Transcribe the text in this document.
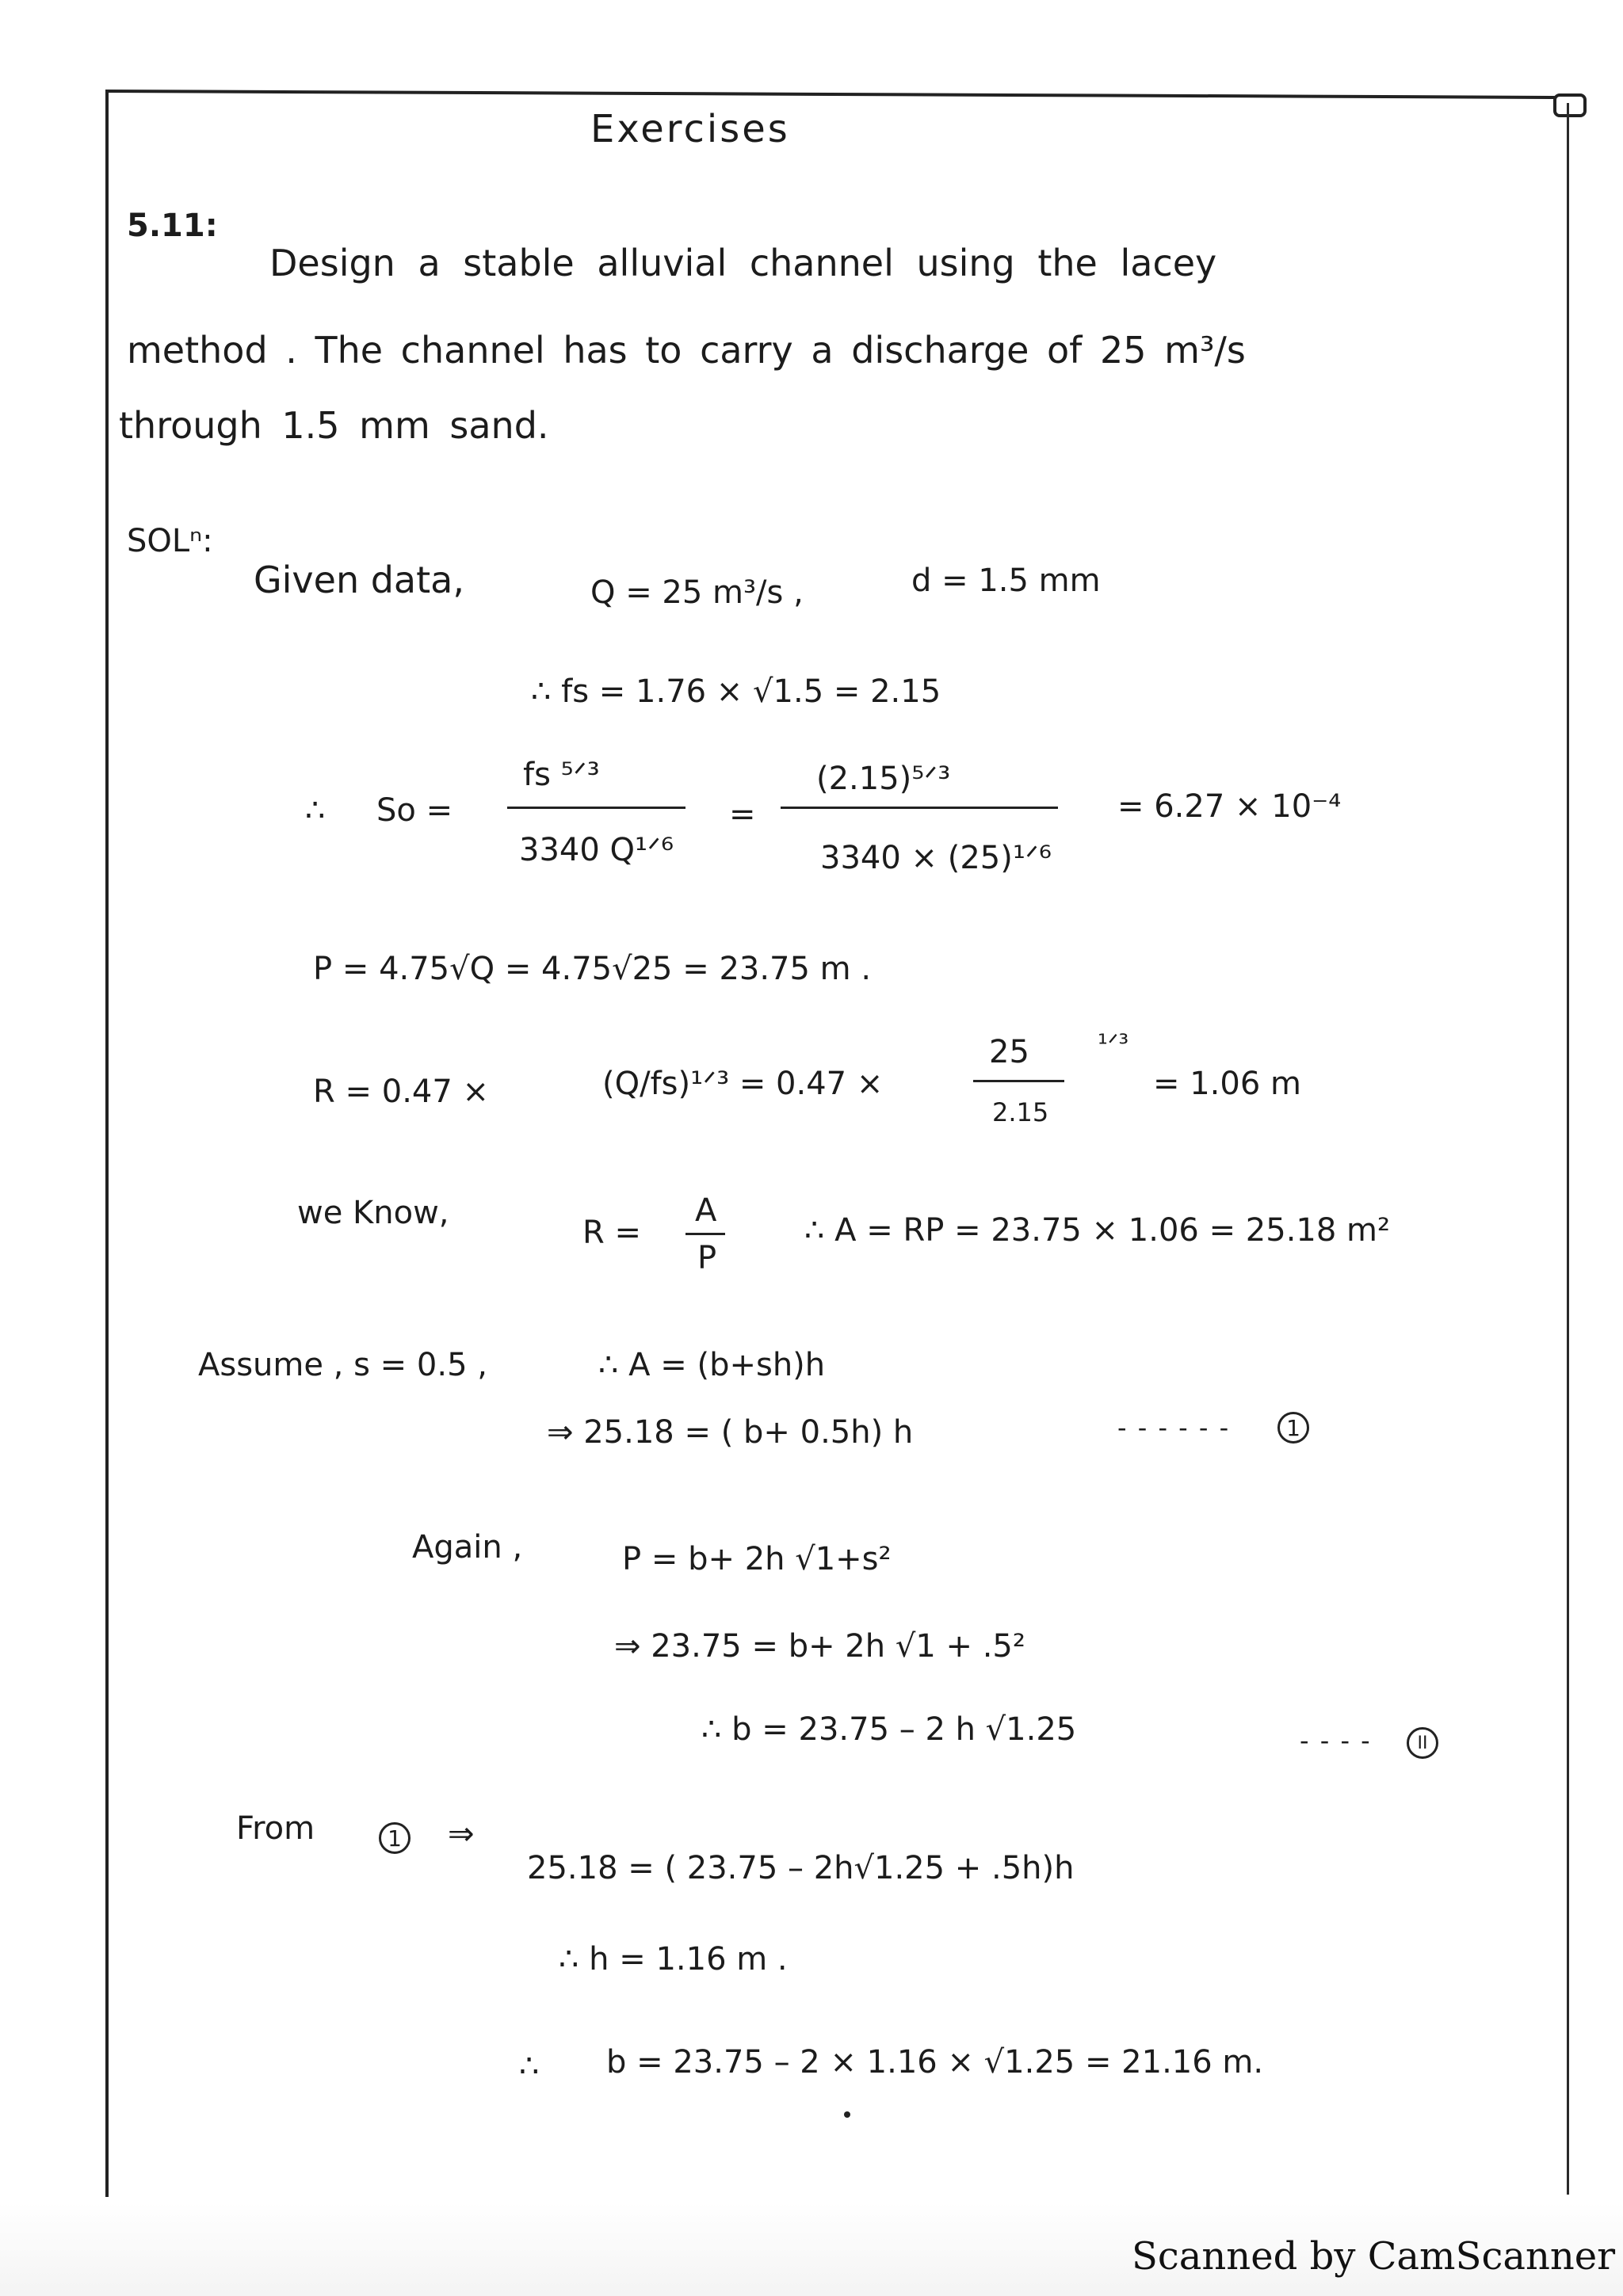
Exercises
5.11:
Design a stable alluvial channel using the lacey
method . The channel has to carry a discharge of 25 m³/s
through 1.5 mm sand.
SOLⁿ:
Given data,	Q = 25 m³/s ,	d = 1.5 mm
∴ fs = 1.76 × √1.5 = 2.15
∴ So =
fs ⁵ᐟ³
3340 Q¹ᐟ⁶
=
(2.15)⁵ᐟ³
3340 × (25)¹ᐟ⁶
= 6.27 × 10⁻⁴
P = 4.75√Q = 4.75√25 = 23.75 m .
R = 0.47 ×	(Q/fs)¹ᐟ³ = 0.47 ×
25
2.15
¹ᐟ³
= 1.06 m
we Know,
R =
A
P
∴ A = RP = 23.75 × 1.06 = 25.18 m²
Assume , s = 0.5 ,	∴ A = (b+sh)h
⇒ 25.18 = ( b+ 0.5h) h	- - - - - -	1
Again ,	P = b+ 2h √1+s²
⇒ 23.75 = b+ 2h √1 + .5²
∴ b = 23.75 – 2 h √1.25	- - - -	II
From	1 ⇒
25.18 = ( 23.75 – 2h√1.25 + .5h)h
∴ h = 1.16 m .
∴ b = 23.75 – 2 × 1.16 × √1.25 = 21.16 m.
Scanned by CamScanner
